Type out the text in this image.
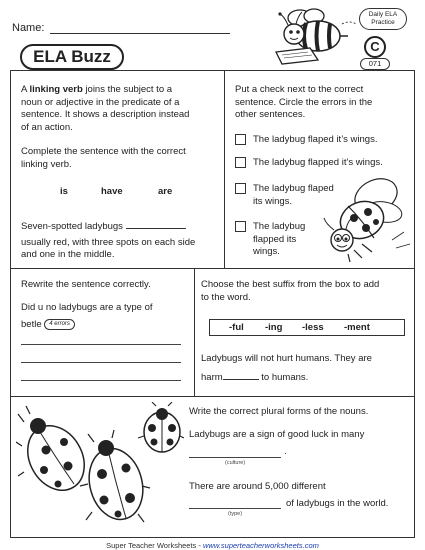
Name:
ELA Buzz
Daily ELA
Practice
C
071
A linking verb joins the subject to a
noun or adjective in the predicate of a
sentence. It shows a description instead
of an action.
Complete the sentence with the correct
linking verb.
is	have	are
Seven-spotted ladybugs
usually red, with three spots on each side
and one in the middle.
Put a check next to the correct
sentence. Circle the errors in the
other sentences.
The ladybug flaped it’s wings.
The ladybug flapped it’s wings.
The ladybug flaped
its wings.
The ladybug
flapped its
wings.
Rewrite the sentence correctly.
Did u no ladybugs are a type of
betle 4 errors
Choose the best suffix from the box to add
to the word.
-ful -ing -less -ment
Ladybugs will not hurt humans. They are
harm	to humans.
Write the correct plural forms of the nouns.
Ladybugs are a sign of good luck in many
.
(culture)
There are around 5,000 different
of ladybugs in the world.
(type)
Super Teacher Worksheets - www.superteacherworksheets.com
